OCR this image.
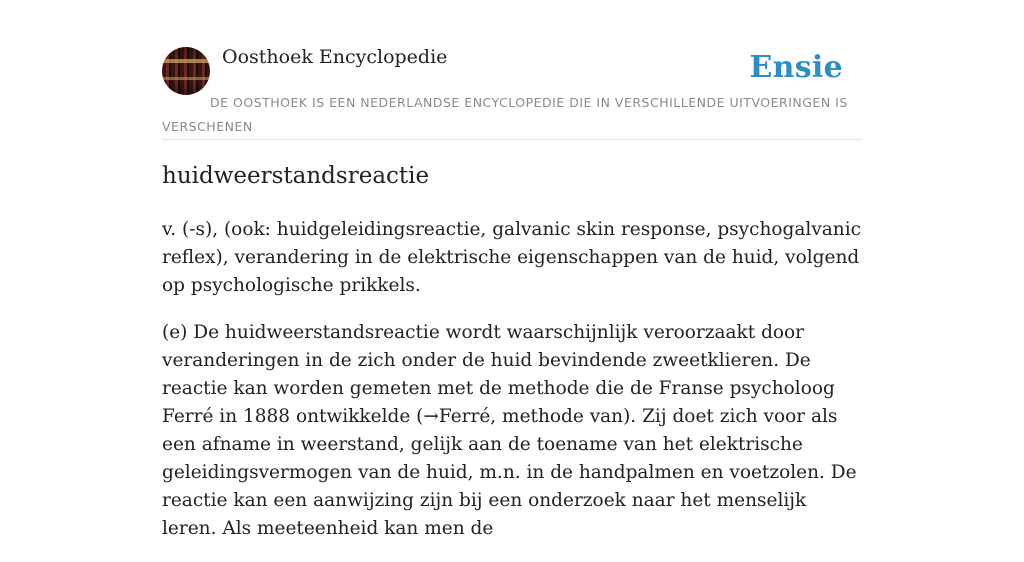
Oosthoek Encyclopedie	Ensie
DE OOSTHOEK IS EEN NEDERLANDSE ENCYCLOPEDIE DIE IN VERSCHILLENDE UITVOERINGEN IS VERSCHENEN
huidweerstandsreactie

v. (-s), (ook: huidgeleidingsreactie, galvanic skin response, psychogalvanic reflex), verandering in de elektrische eigenschappen van de huid, volgend op psychologische prikkels.

(e) De huidweerstandsreactie wordt waarschijnlijk veroorzaakt door veranderingen in de zich onder de huid bevindende zweetklieren. De reactie kan worden gemeten met de methode die de Franse psycholoog Ferré in 1888 ontwikkelde (→Ferré, methode van). Zij doet zich voor als een afname in weerstand, gelijk aan de toename van het elektrische geleidingsvermogen van de huid, m.n. in de handpalmen en voetzolen. De reactie kan een aanwijzing zijn bij een onderzoek naar het menselijk leren. Als meeteenheid kan men de
